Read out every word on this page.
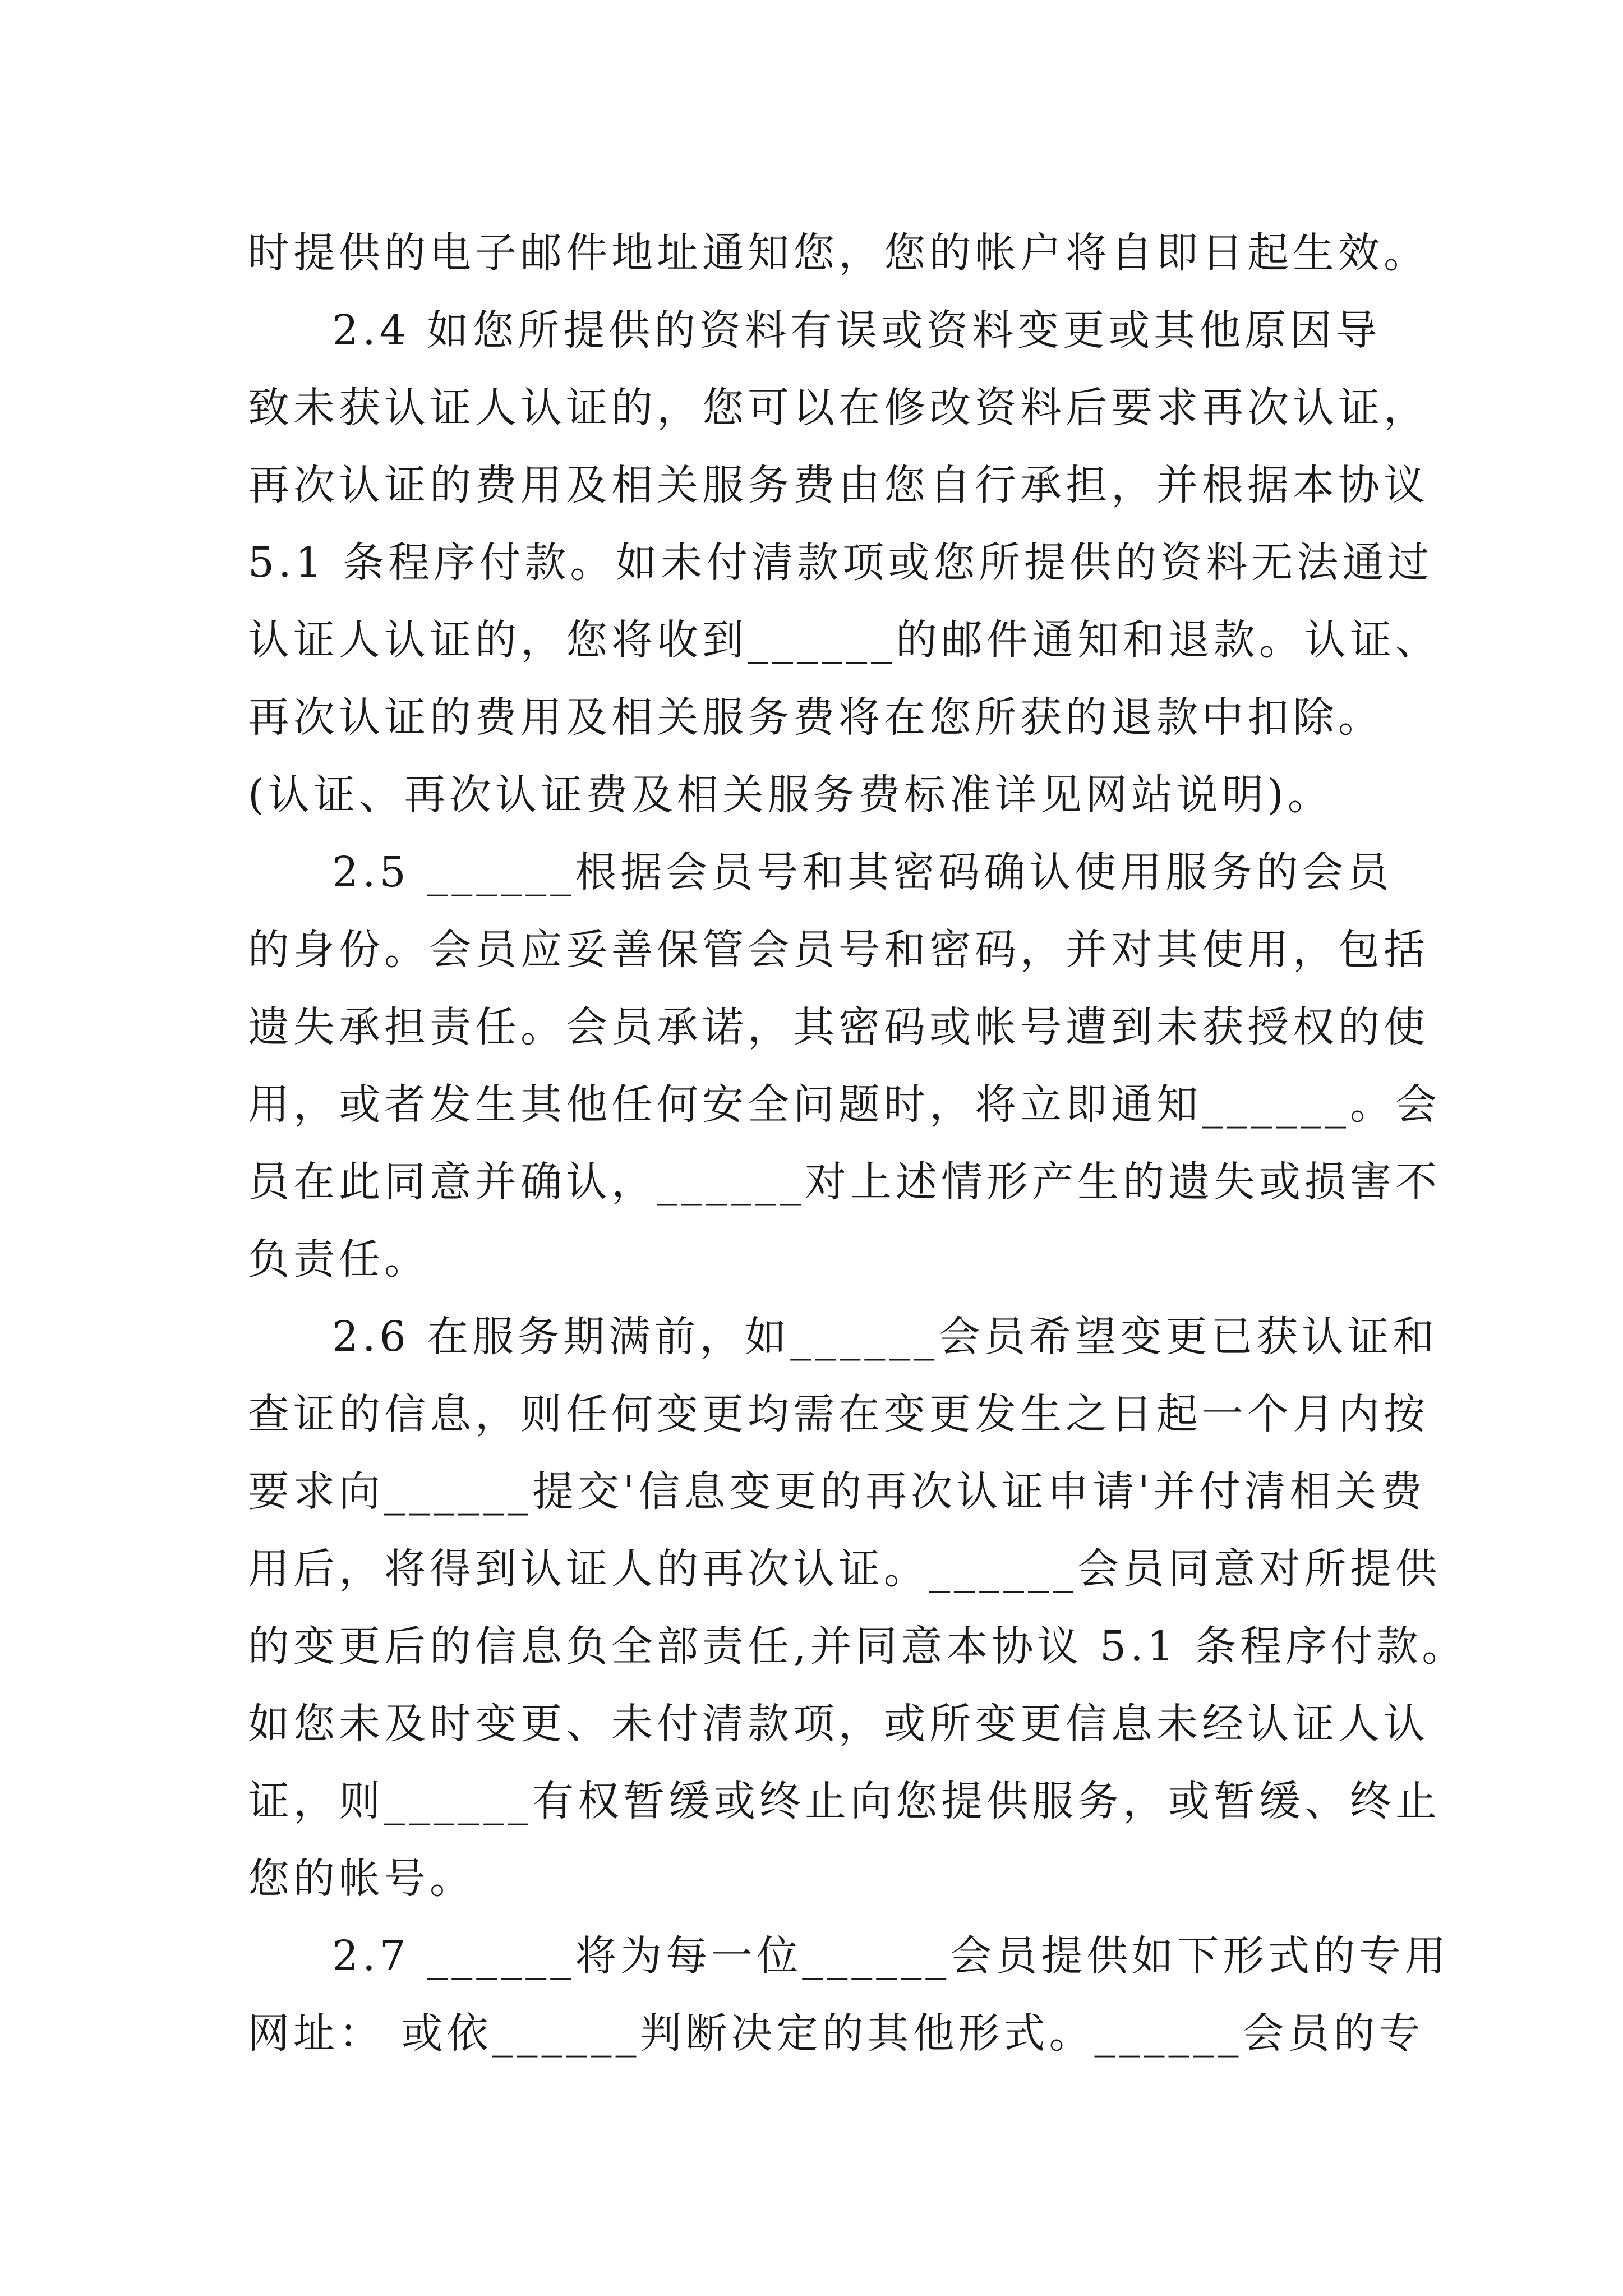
时提供的电子邮件地址通知您，您的帐户将自即日起生效。
2.4 如您所提供的资料有误或资料变更或其他原因导
致未获认证人认证的，您可以在修改资料后要求再次认证，
再次认证的费用及相关服务费由您自行承担，并根据本协议
5.1 条程序付款。如未付清款项或您所提供的资料无法通过
认证人认证的，您将收到______的邮件通知和退款。认证、
再次认证的费用及相关服务费将在您所获的退款中扣除。
(认证、再次认证费及相关服务费标准详见网站说明)。
2.5 ______根据会员号和其密码确认使用服务的会员
的身份。会员应妥善保管会员号和密码，并对其使用，包括
遗失承担责任。会员承诺，其密码或帐号遭到未获授权的使
用，或者发生其他任何安全问题时，将立即通知______。会
员在此同意并确认，______对上述情形产生的遗失或损害不
负责任。
2.6 在服务期满前，如______会员希望变更已获认证和
查证的信息，则任何变更均需在变更发生之日起一个月内按
要求向______提交'信息变更的再次认证申请'并付清相关费
用后，将得到认证人的再次认证。______会员同意对所提供
的变更后的信息负全部责任,并同意本协议 5.1 条程序付款。
如您未及时变更、未付清款项，或所变更信息未经认证人认
证，则______有权暂缓或终止向您提供服务，或暂缓、终止
您的帐号。
2.7 ______将为每一位______会员提供如下形式的专用
网址： 或依______判断决定的其他形式。______会员的专
